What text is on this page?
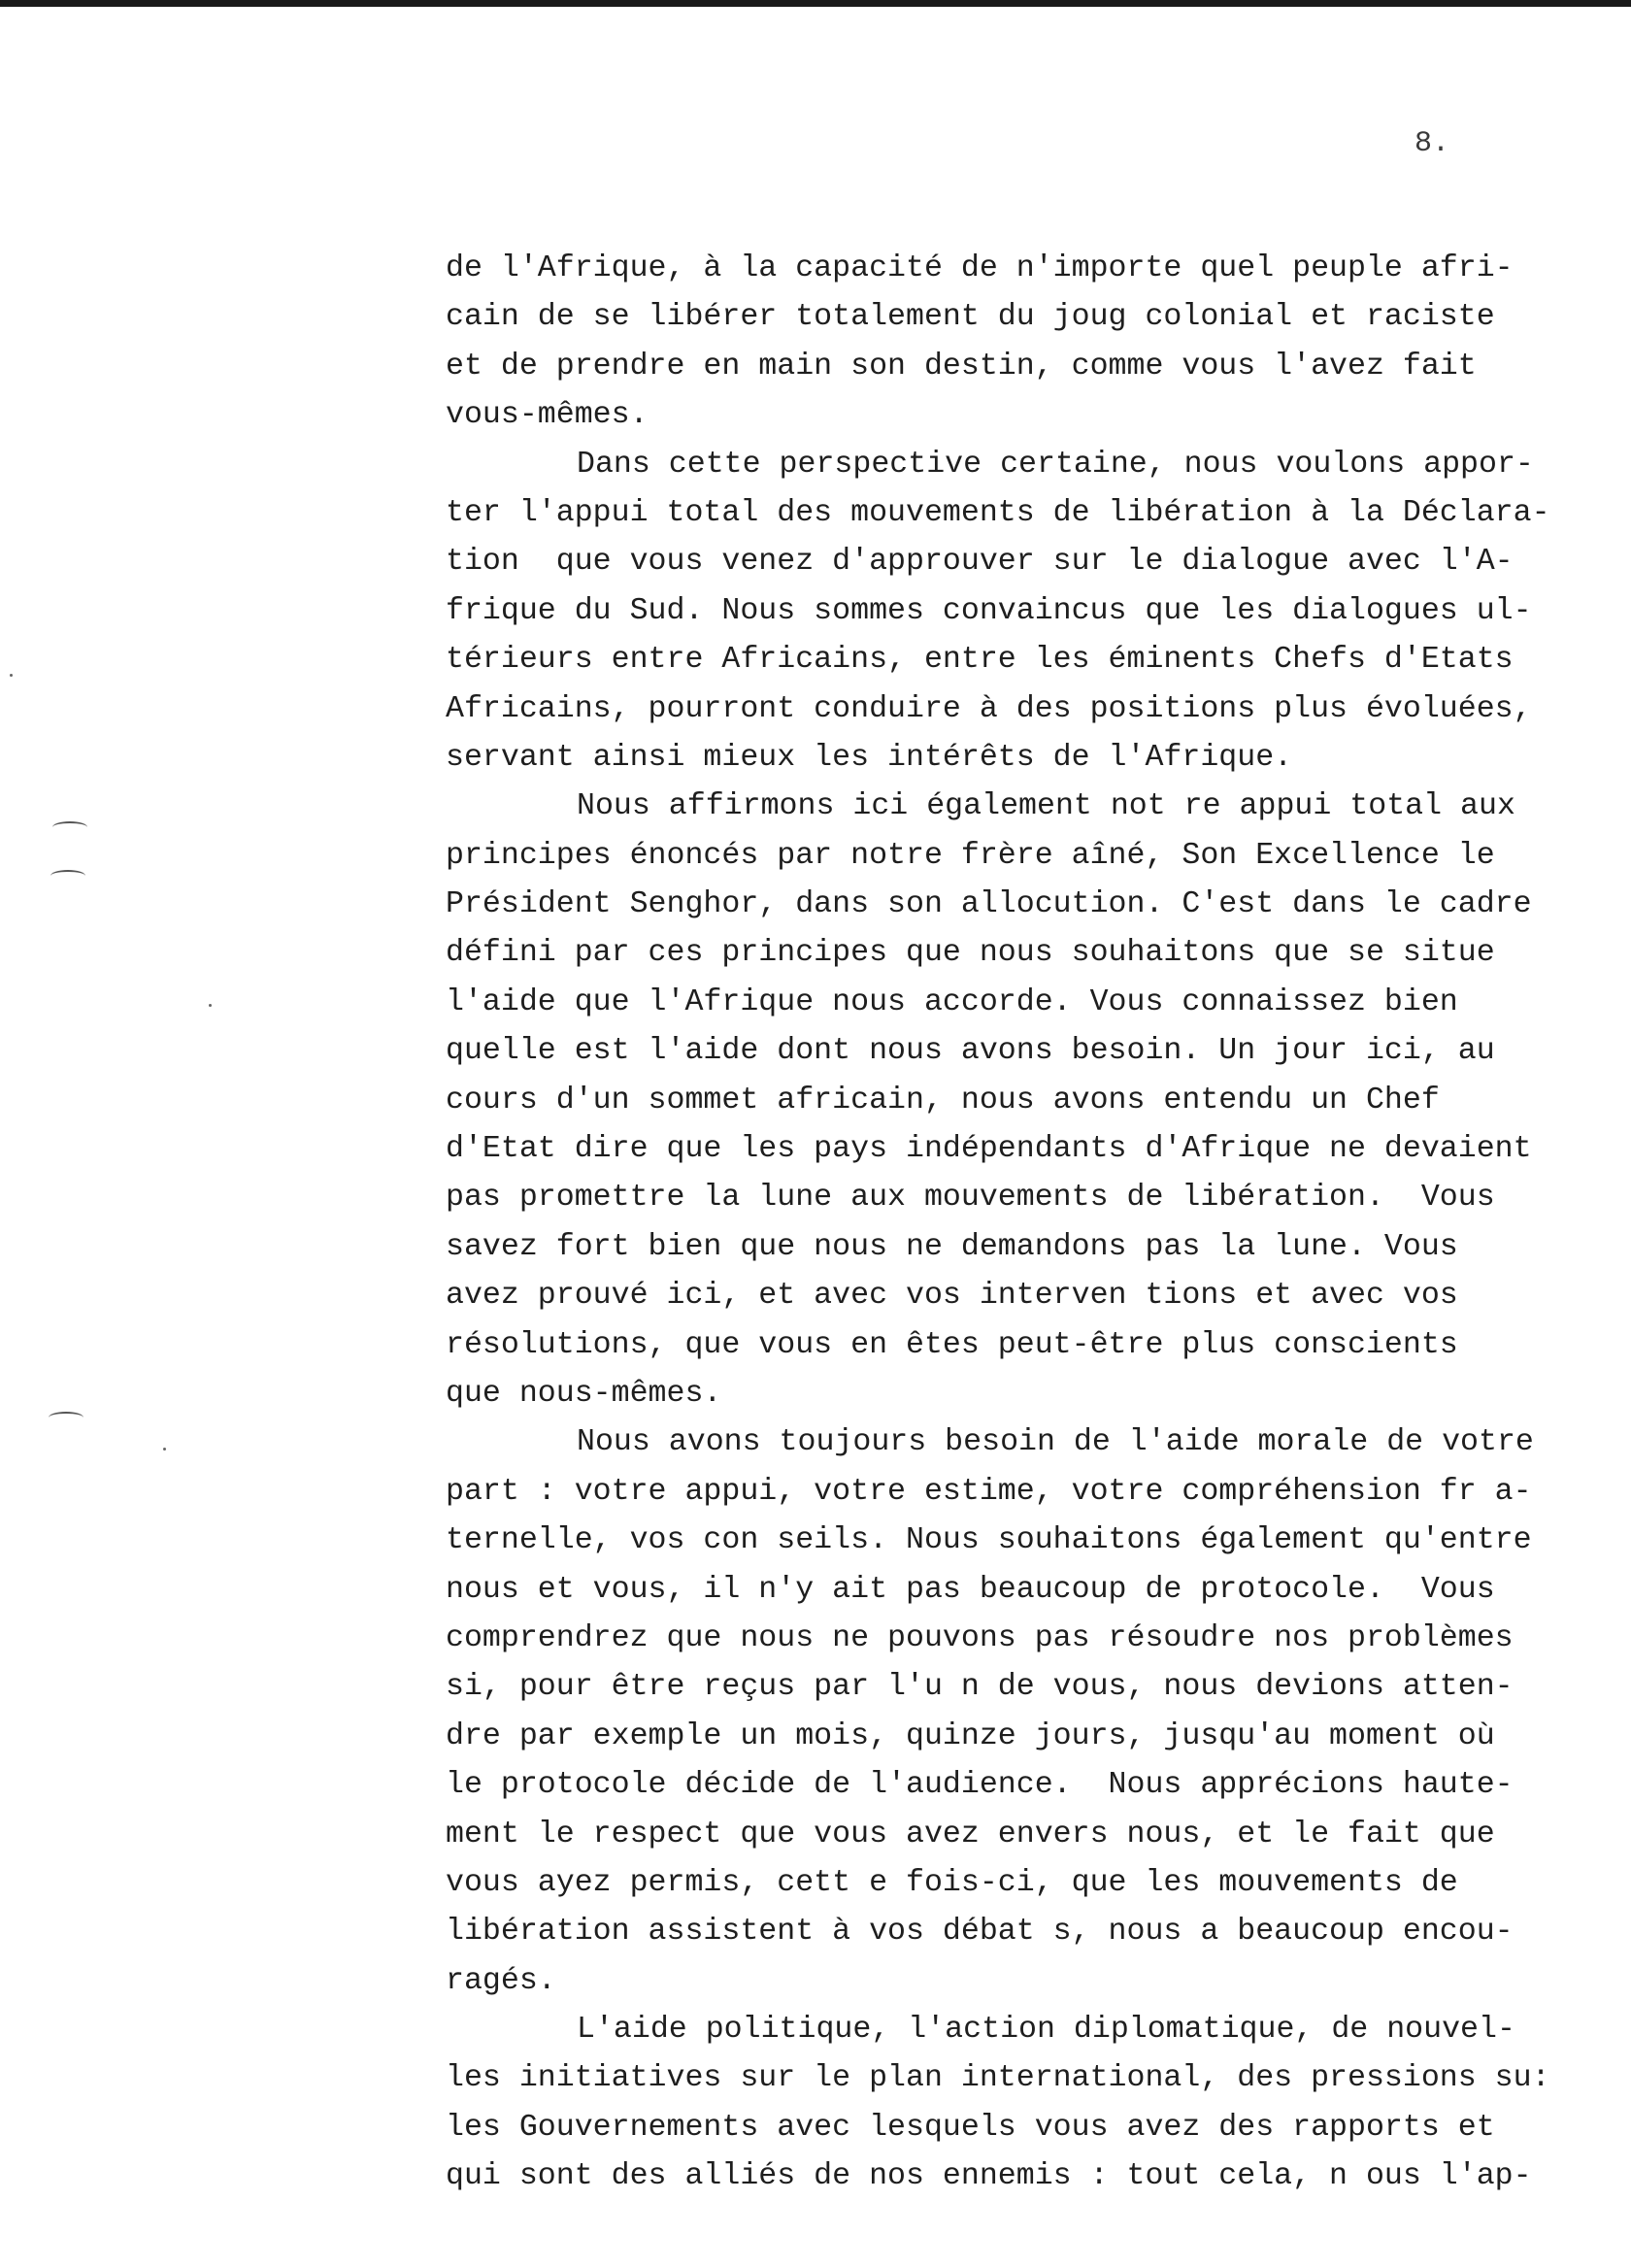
8.
de l'Afrique, à la capacité de n'importe quel peuple afri-
cain de se libérer totalement du joug colonial et raciste
et de prendre en main son destin, comme vous l'avez fait
vous-mêmes.
Dans cette perspective certaine, nous voulons appor-
ter l'appui total des mouvements de libération à la Déclara-
tion  que vous venez d'approuver sur le dialogue avec l'A-
frique du Sud. Nous sommes convaincus que les dialogues ul-
térieurs entre Africains, entre les éminents Chefs d'Etats
Africains, pourront conduire à des positions plus évoluées,
servant ainsi mieux les intérêts de l'Afrique.
Nous affirmons ici également not re appui total aux
principes énoncés par notre frère aîné, Son Excellence le
Président Senghor, dans son allocution. C'est dans le cadre
défini par ces principes que nous souhaitons que se situe
l'aide que l'Afrique nous accorde. Vous connaissez bien
quelle est l'aide dont nous avons besoin. Un jour ici, au
cours d'un sommet africain, nous avons entendu un Chef
d'Etat dire que les pays indépendants d'Afrique ne devaient
pas promettre la lune aux mouvements de libération.  Vous
savez fort bien que nous ne demandons pas la lune. Vous
avez prouvé ici, et avec vos interven tions et avec vos
résolutions, que vous en êtes peut-être plus conscients
que nous-mêmes.
Nous avons toujours besoin de l'aide morale de votre
part : votre appui, votre estime, votre compréhension fr a-
ternelle, vos con seils. Nous souhaitons également qu'entre
nous et vous, il n'y ait pas beaucoup de protocole.  Vous
comprendrez que nous ne pouvons pas résoudre nos problèmes
si, pour être reçus par l'u n de vous, nous devions atten-
dre par exemple un mois, quinze jours, jusqu'au moment où
le protocole décide de l'audience.  Nous apprécions haute-
ment le respect que vous avez envers nous, et le fait que
vous ayez permis, cett e fois-ci, que les mouvements de
libération assistent à vos débat s, nous a beaucoup encou-
ragés.
L'aide politique, l'action diplomatique, de nouvel-
les initiatives sur le plan international, des pressions su:
les Gouvernements avec lesquels vous avez des rapports et
qui sont des alliés de nos ennemis : tout cela, n ous l'ap-
